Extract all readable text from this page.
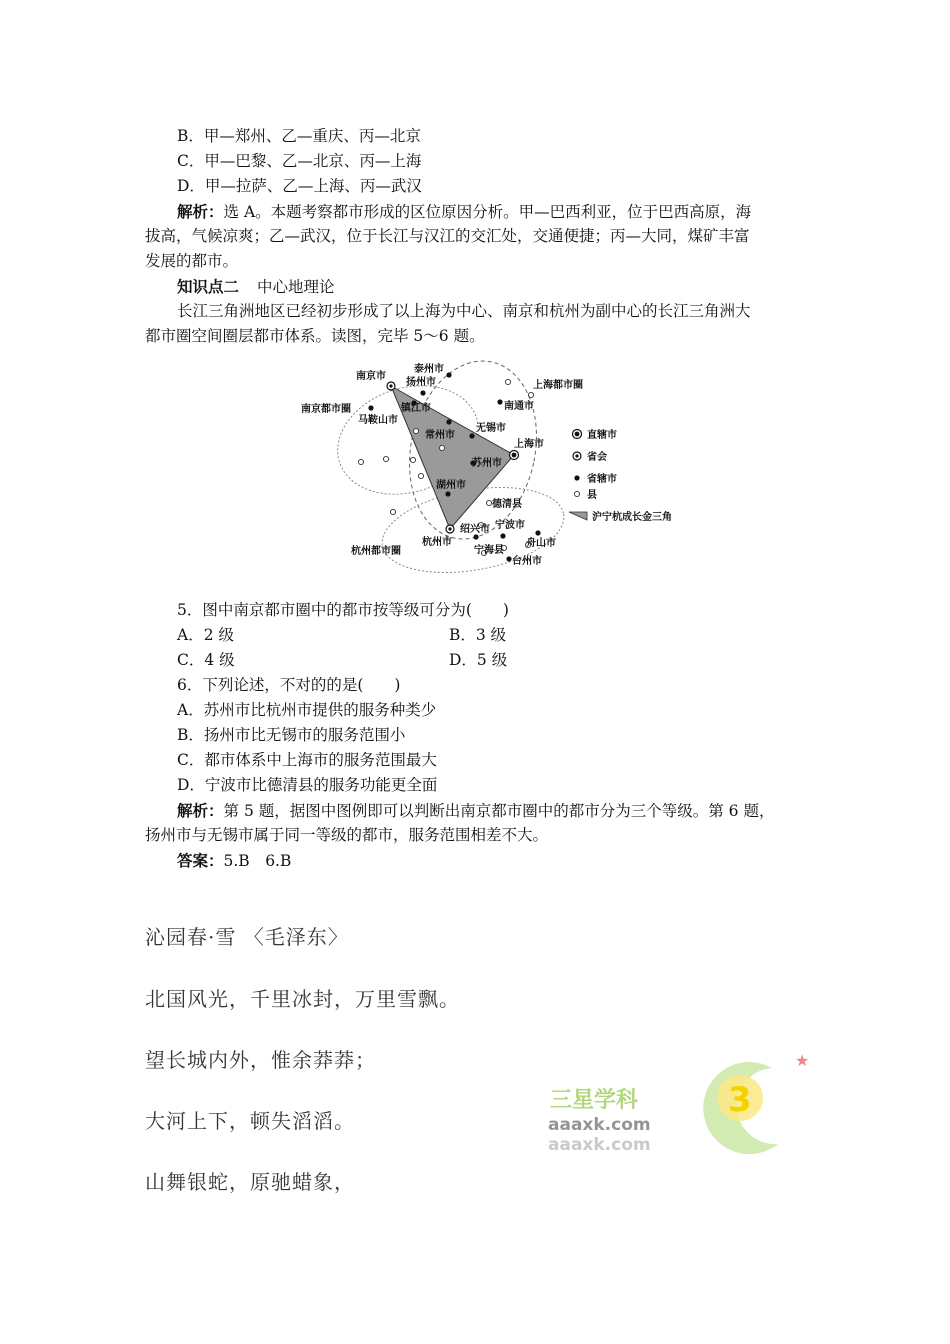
B．甲—郑州、乙—重庆、丙—北京
C．甲—巴黎、乙—北京、丙—上海
D．甲—拉萨、乙—上海、丙—武汉
解析：选 A。本题考察都市形成的区位原因分析。甲—巴西利亚，位于巴西高原，海
拔高，气候凉爽；乙—武汉，位于长江与汉江的交汇处，交通便捷；丙—大同，煤矿丰富
发展的都市。
知识点二 中心地理论
长江三角洲地区已经初步形成了以上海为中心、南京和杭州为副中心的长江三角洲大
都市圈空间圈层都市体系。读图，完毕 5～6 题。
南京市
泰州市
扬州市
镇江市
马鞍山市
常州市
无锡市
南通市
上海市
苏州市
湖州市
德清县
绍兴市 宁波市
杭州市
宁海县
舟山市
台州市
南京都市圈
上海都市圈
杭州都市圈
直辖市
省会
省辖市
县
沪宁杭成长金三角
5．图中南京都市圈中的都市按等级可分为(　　)
A．2 级	B．3 级
C．4 级	D．5 级
6．下列论述，不对的的是(　　)
A．苏州市比杭州市提供的服务种类少
B．扬州市比无锡市的服务范围小
C．都市体系中上海市的服务范围最大
D．宁波市比德清县的服务功能更全面
解析：第 5 题，据图中图例即可以判断出南京都市圈中的都市分为三个等级。第 6 题，
扬州市与无锡市属于同一等级的都市，服务范围相差不大。
答案：5.B　6.B
沁园春·雪 〈毛泽东〉
北国风光，千里冰封，万里雪飘。
望长城内外，惟余莽莽；
大河上下，顿失滔滔。
山舞银蛇，原驰蜡象，
3
★
三星学科
aaaxk.com
aaaxk.com
